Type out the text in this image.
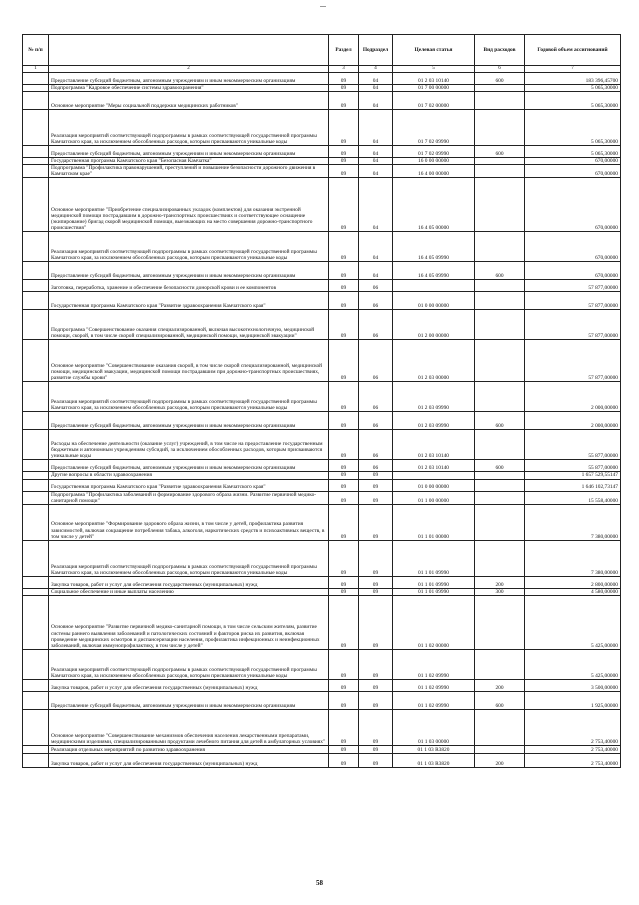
№ п/п		Раздел	Подраздел	Целевая статья	Вид расходов	Годовой объем ассигнований
1	2	3	4	5	6	7
	Предоставление субсидий бюджетным, автономным учреждениям и иным некоммерческим организациям	09	04	01 2 03 10140	600	183 396,45700
	Подпрограмма "Кадровое обеспечение системы здравоохранения"	09	04	01 7 00 00000		5 065,30000
	Основное мероприятие "Меры социальной поддержки медицинских работников"	09	04	01 7 02 00000		5 065,30000
	Реализация мероприятий соответствующей подпрограммы в рамках соответствующей государственной программы Камчатского края, за исключением обособленных расходов, которым присваиваются уникальные коды	09	04	01 7 02 09990		5 065,30000
	Предоставление субсидий бюджетным, автономным учреждениям и иным некоммерческим организациям	09	04	01 7 02 09990	600	5 065,30000
	Государственная программа Камчатского края "Безопасная Камчатка"	09	04	16 0 00 00000		670,00000
	Подпрограмма "Профилактика правонарушений, преступлений и повышение безопасности дорожного движения в Камчатском крае"	09	04	16 4 00 00000		670,00000
	Основное мероприятие "Приобретение специализированных укладок (комплектов) для оказания экстренной медицинской помощи пострадавшим в дорожно-транспортных происшествиях и соответствующее оснащение (экипирование) бригад скорой медицинской помощи, выезжающих на место совершения дорожно-транспортного происшествия"	09	04	16 4 05 00000		670,00000
	Реализация мероприятий соответствующей подпрограммы в рамках соответствующей государственной программы Камчатского края, за исключением обособленных расходов, которым присваиваются уникальные коды	09	04	16 4 05 09990		670,00000
	Предоставление субсидий бюджетным, автономным учреждениям и иным некоммерческим организациям	09	04	16 4 05 09990	600	670,00000
	Заготовка, переработка, хранение и обеспечение безопасности донорской крови и ее компонентов	09	06			57 877,00000
	Государственная программа Камчатского края "Развитие здравоохранения Камчатского края"	09	06	01 0 00 00000		57 877,00000
	Подпрограмма "Совершенствование оказания специализированной, включая высокотехнологичную, медицинской помощи, скорой, в том числе скорой специализированной, медицинской помощи, медицинской эвакуации"	09	06	01 2 00 00000		57 877,00000
	Основное мероприятие "Совершенствование оказания скорой, в том числе скорой специализированной, медицинской помощи, медицинской эвакуации, медицинской помощи пострадавшим при дорожно-транспортных происшествиях, развитие службы крови"	09	06	01 2 03 00000		57 877,00000
	Реализация мероприятий соответствующей подпрограммы в рамках соответствующей государственной программы Камчатского края, за исключением обособленных расходов, которым присваиваются уникальные коды	09	06	01 2 03 09990		2 000,00000
	Предоставление субсидий бюджетным, автономным учреждениям и иным некоммерческим организациям	09	06	01 2 03 09990	600	2 000,00000
	Расходы на обеспечение деятельности (оказание услуг) учреждений, в том числе на предоставление государственным бюджетным и автономным учреждениям субсидий, за исключением обособленных расходов, которым присваиваются уникальные коды	09	06	01 2 03 10140		55 877,00000
	Предоставление субсидий бюджетным, автономным учреждениям и иным некоммерческим организациям	09	06	01 2 03 10140	600	55 877,00000
	Другие вопросы в области здравоохранения	09	09			1 657 529,55147
	Государственная программа Камчатского края "Развитие здравоохранения Камчатского края"	09	09	01 0 00 00000		1 646 102,73147
	Подпрограмма "Профилактика заболеваний и формирование здорового образа жизни. Развитие первичной медико-санитарной помощи"	09	09	01 1 00 00000		15 558,40000
	Основное мероприятие "Формирование здорового образа жизни, в том числе у детей, профилактика развития зависимостей, включая сокращение потребления табака, алкоголя, наркотических средств и психоактивных веществ, в том числе у детей"	09	09	01 1 01 00000		7 380,00000
	Реализация мероприятий соответствующей подпрограммы в рамках соответствующей государственной программы Камчатского края, за исключением обособленных расходов, которым присваиваются уникальные коды	09	09	01 1 01 09990		7 380,00000
	Закупка товаров, работ и услуг для обеспечения государственных (муниципальных) нужд	09	09	01 1 01 09990	200	2 800,00000
	Социальное обеспечение и иные выплаты населению	09	09	01 1 01 09990	300	4 580,00000
	Основное мероприятие "Развитие первичной медико-санитарной помощи, в том числе сельским жителям, развитие системы раннего выявления заболеваний и патологических состояний и факторов риска их развития, включая проведение медицинских осмотров и диспансеризации населения, профилактика инфекционных и неинфекционных заболеваний, включая иммунопрофилактику, в том числе у детей"	09	09	01 1 02 00000		5 425,00000
	Реализация мероприятий соответствующей подпрограммы в рамках соответствующей государственной программы Камчатского края, за исключением обособленных расходов, которым присваиваются уникальные коды	09	09	01 1 02 09990		5 425,00000
	Закупка товаров, работ и услуг для обеспечения государственных (муниципальных) нужд	09	09	01 1 02 09990	200	3 500,00000
	Предоставление субсидий бюджетным, автономным учреждениям и иным некоммерческим организациям	09	09	01 1 02 09990	600	1 925,00000
	Основное мероприятие "Совершенствование механизмов обеспечения населения лекарственными препаратами, медицинскими изделиями, специализированными продуктами лечебного питания для детей в амбулаторных условиях"	09	09	01 1 03 00000		2 753,40000
	Реализация отдельных мероприятий по развитию здравоохранения	09	09	01 1 03 R3820		2 753,40000
	Закупка товаров, работ и услуг для обеспечения государственных (муниципальных) нужд	09	09	01 1 03 R3820	200	2 753,40000
58
